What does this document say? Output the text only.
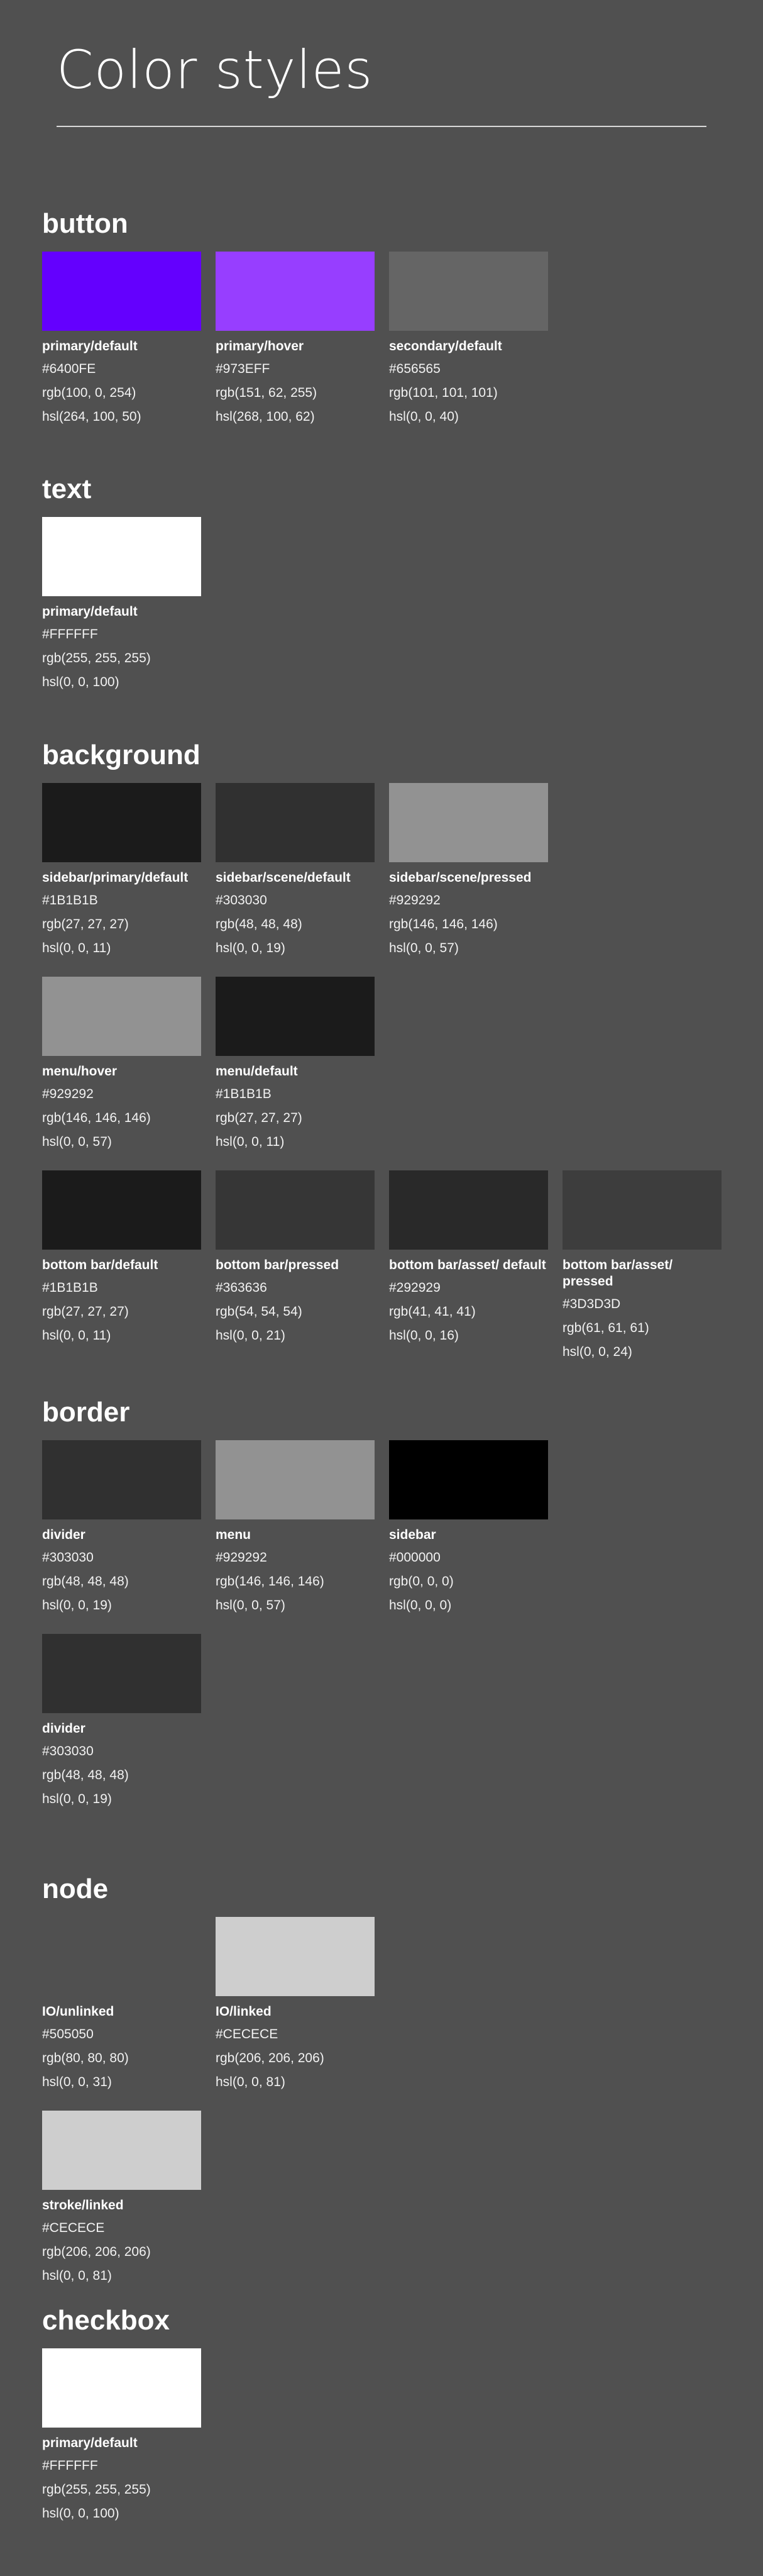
Color styles
button
primary/default
#6400FE
rgb(100, 0, 254)
hsl(264, 100, 50)
primary/hover
#973EFF
rgb(151, 62, 255)
hsl(268, 100, 62)
secondary/default
#656565
rgb(101, 101, 101)
hsl(0, 0, 40)
text
primary/default
#FFFFFF
rgb(255, 255, 255)
hsl(0, 0, 100)
background
sidebar/primary/default
#1B1B1B
rgb(27, 27, 27)
hsl(0, 0, 11)
sidebar/scene/default
#303030
rgb(48, 48, 48)
hsl(0, 0, 19)
sidebar/scene/pressed
#929292
rgb(146, 146, 146)
hsl(0, 0, 57)
menu/hover
#929292
rgb(146, 146, 146)
hsl(0, 0, 57)
menu/default
#1B1B1B
rgb(27, 27, 27)
hsl(0, 0, 11)
bottom bar/default
#1B1B1B
rgb(27, 27, 27)
hsl(0, 0, 11)
bottom bar/pressed
#363636
rgb(54, 54, 54)
hsl(0, 0, 21)
bottom bar/asset/ default
#292929
rgb(41, 41, 41)
hsl(0, 0, 16)
bottom bar/asset/ pressed
#3D3D3D
rgb(61, 61, 61)
hsl(0, 0, 24)
border
divider
#303030
rgb(48, 48, 48)
hsl(0, 0, 19)
menu
#929292
rgb(146, 146, 146)
hsl(0, 0, 57)
sidebar
#000000
rgb(0, 0, 0)
hsl(0, 0, 0)
divider
#303030
rgb(48, 48, 48)
hsl(0, 0, 19)
node
IO/unlinked
#505050
rgb(80, 80, 80)
hsl(0, 0, 31)
IO/linked
#CECECE
rgb(206, 206, 206)
hsl(0, 0, 81)
stroke/linked
#CECECE
rgb(206, 206, 206)
hsl(0, 0, 81)
checkbox
primary/default
#FFFFFF
rgb(255, 255, 255)
hsl(0, 0, 100)
